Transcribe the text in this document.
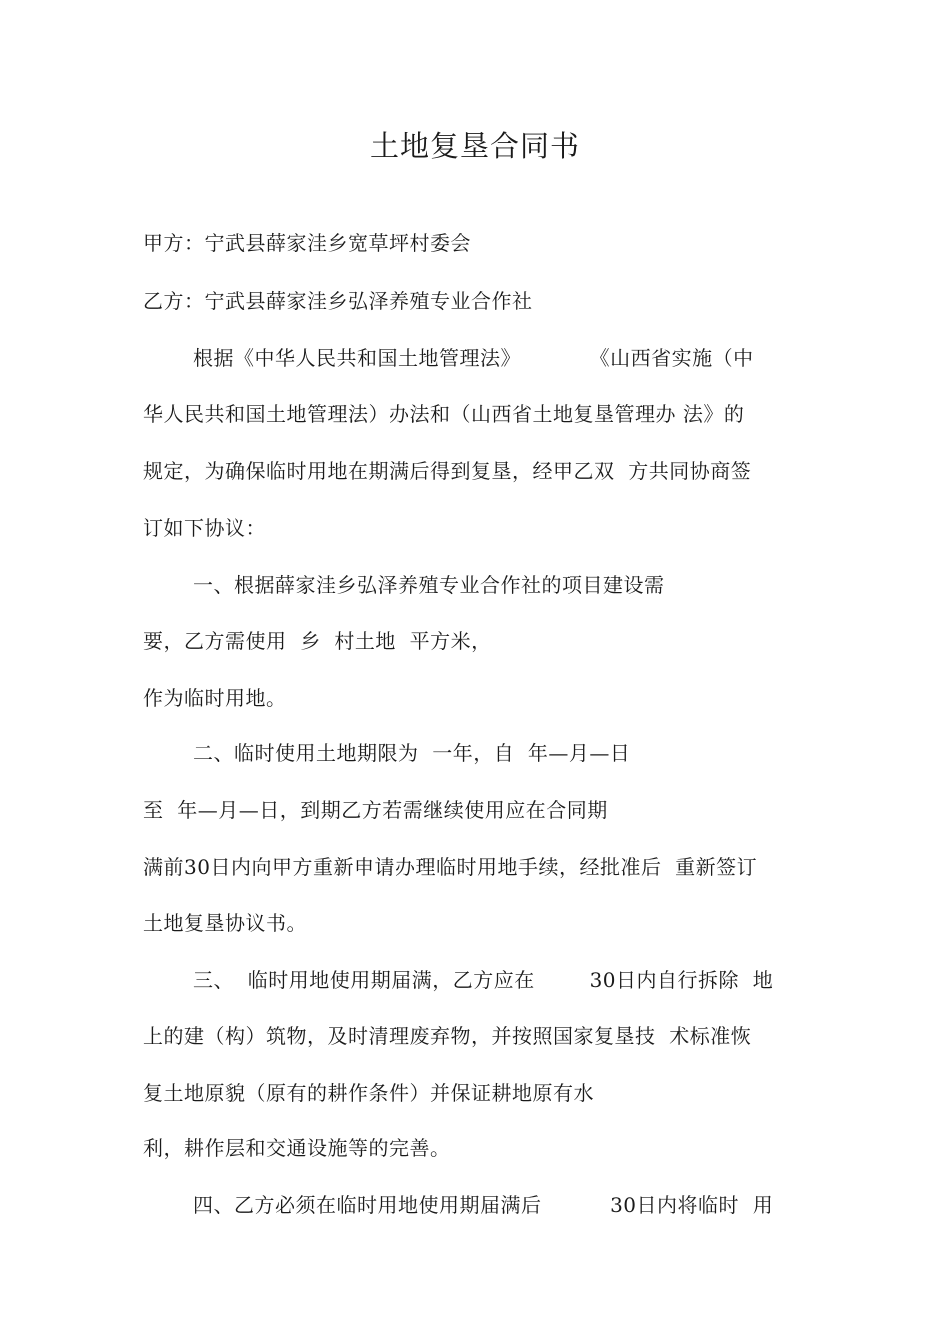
土地复垦合同书
甲方：宁武县薛家洼乡宽草坪村委会
乙方：宁武县薛家洼乡弘泽养殖专业合作社
根据《中华人民共和国土地管理法》          《山西省实施（中
华人民共和国土地管理法）办法和（山西省土地复垦管理办 法》的
规定，为确保临时用地在期满后得到复垦，经甲乙双  方共同协商签
订如下协议：
一、根据薛家洼乡弘泽养殖专业合作社的项目建设需
要，乙方需使用  乡  村土地  平方米，
作为临时用地。
二、临时使用土地期限为  一年，自  年—月—日
至  年—月—日，到期乙方若需继续使用应在合同期
满前30日内向甲方重新申请办理临时用地手续，经批准后  重新签订
土地复垦协议书。
三、  临时用地使用期届满，乙方应在        30日内自行拆除  地
上的建（构）筑物，及时清理废弃物，并按照国家复垦技  术标准恢
复土地原貌（原有的耕作条件）并保证耕地原有水
利，耕作层和交通设施等的完善。
四、乙方必须在临时用地使用期届满后          30日内将临时  用
